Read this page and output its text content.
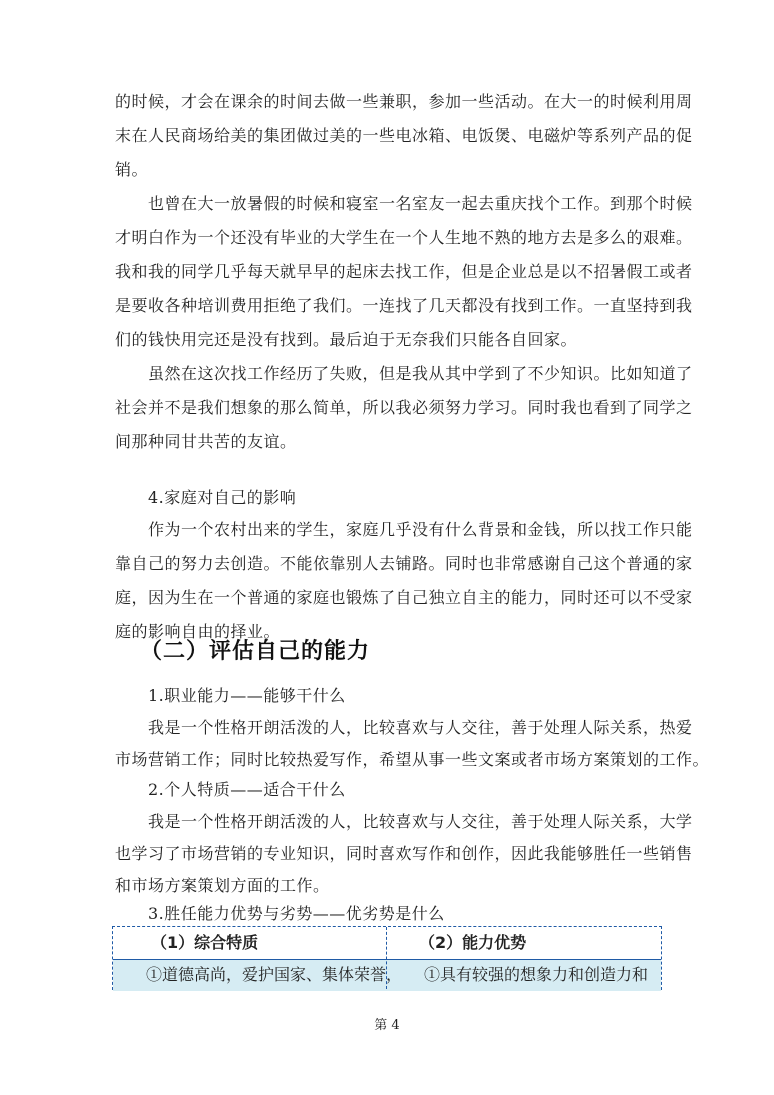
的时候，才会在课余的时间去做一些兼职，参加一些活动。在大一的时候利用周
末在人民商场给美的集团做过美的一些电冰箱、电饭煲、电磁炉等系列产品的促
销。
也曾在大一放暑假的时候和寝室一名室友一起去重庆找个工作。到那个时候
才明白作为一个还没有毕业的大学生在一个人生地不熟的地方去是多么的艰难。
我和我的同学几乎每天就早早的起床去找工作，但是企业总是以不招暑假工或者
是要收各种培训费用拒绝了我们。一连找了几天都没有找到工作。一直坚持到我
们的钱快用完还是没有找到。最后迫于无奈我们只能各自回家。
虽然在这次找工作经历了失败，但是我从其中学到了不少知识。比如知道了
社会并不是我们想象的那么简单，所以我必须努力学习。同时我也看到了同学之
间那种同甘共苦的友谊。
4.家庭对自己的影响
作为一个农村出来的学生，家庭几乎没有什么背景和金钱，所以找工作只能
靠自己的努力去创造。不能依靠别人去铺路。同时也非常感谢自己这个普通的家
庭，因为生在一个普通的家庭也锻炼了自己独立自主的能力，同时还可以不受家
庭的影响自由的择业。
（二）评估自己的能力
1.职业能力——能够干什么
我是一个性格开朗活泼的人，比较喜欢与人交往，善于处理人际关系，热爱
市场营销工作；同时比较热爱写作，希望从事一些文案或者市场方案策划的工作。
2.个人特质——适合干什么
我是一个性格开朗活泼的人，比较喜欢与人交往，善于处理人际关系，大学
也学习了市场营销的专业知识，同时喜欢写作和创作，因此我能够胜任一些销售
和市场方案策划方面的工作。
3.胜任能力优势与劣势——优劣势是什么
（1）综合特质	（2）能力优势
①道德高尚，爱护国家、集体荣誉， ①具有较强的想象力和创造力和
第 4
